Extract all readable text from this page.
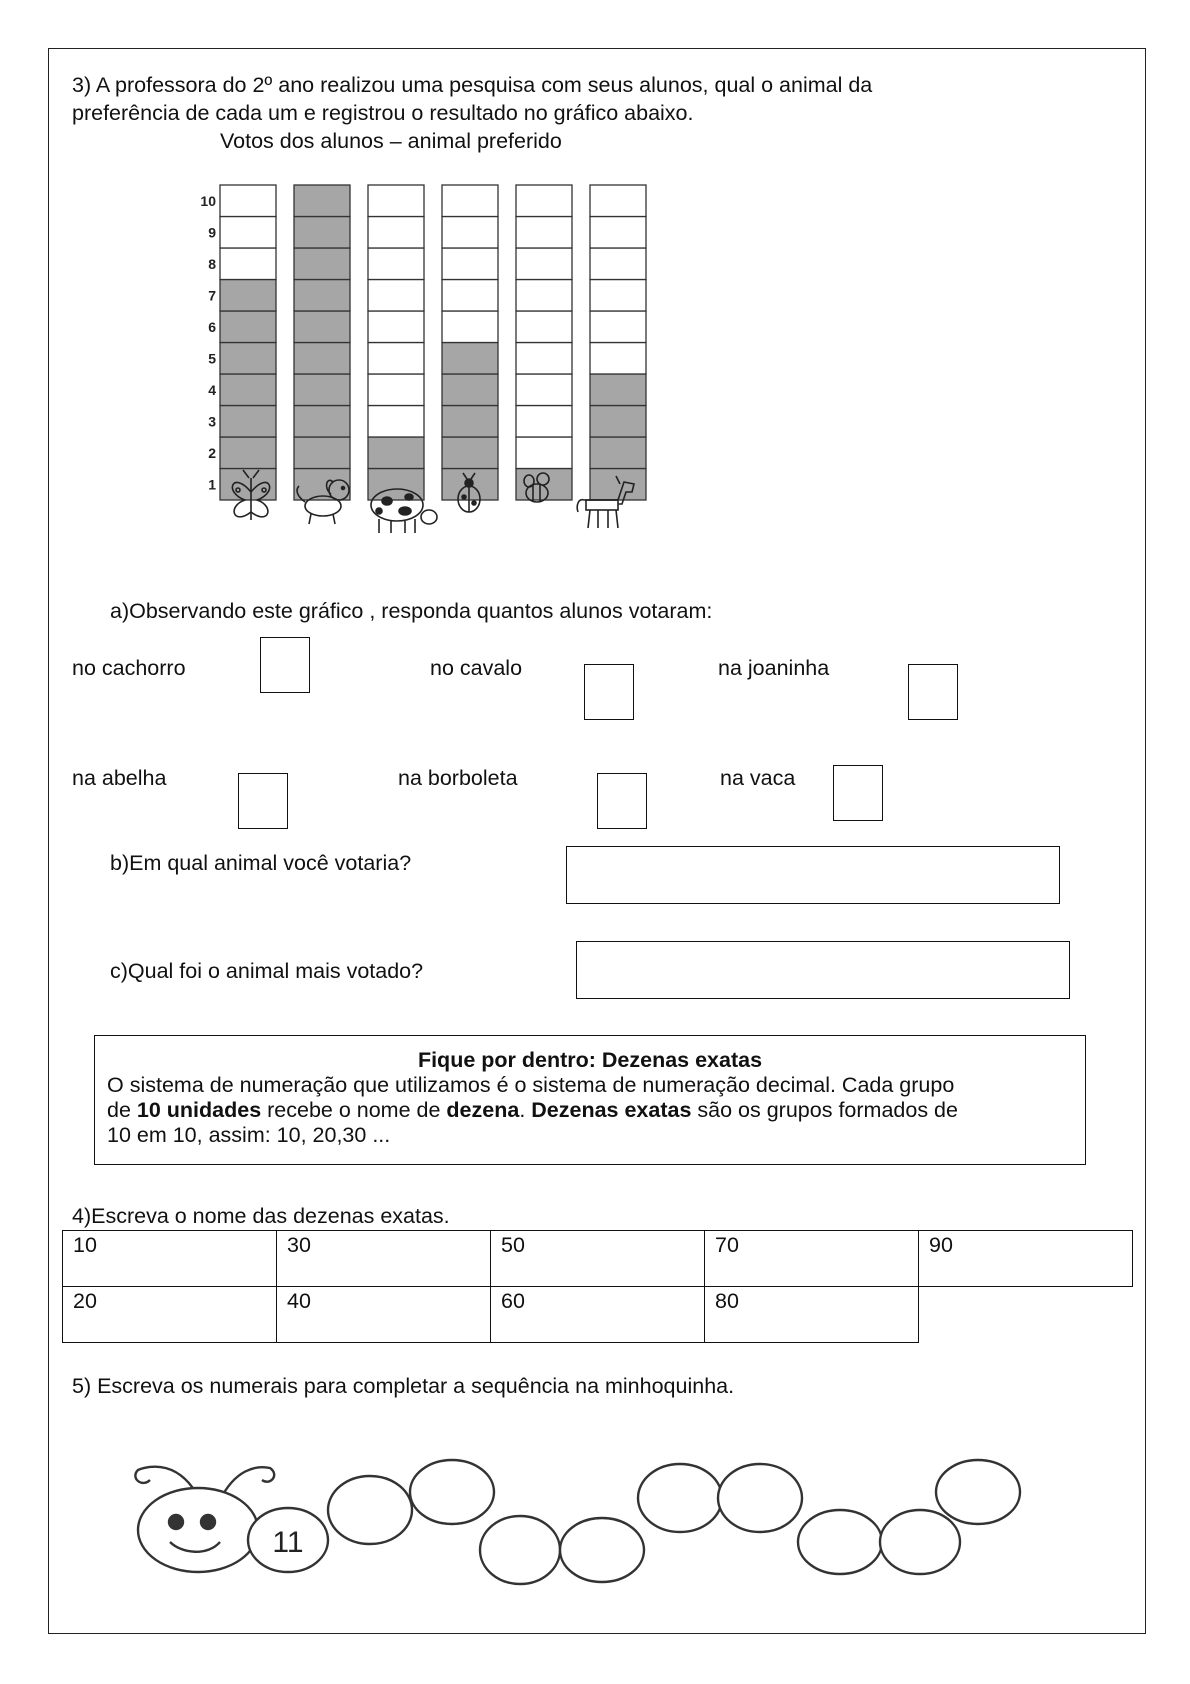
3) A professora do 2º ano realizou uma pesquisa com seus alunos, qual o animal da
preferência de cada um e registrou o resultado no gráfico abaixo.
Votos dos alunos – animal preferido
1
2
3
4
5
6
7
8
9
10
a)Observando este gráfico , responda quantos alunos votaram:
no cachorro	no cavalo	na joaninha
na abelha	na borboleta	na vaca
b)Em qual animal você votaria?
c)Qual foi o animal mais votado?
Fique por dentro: Dezenas exatas
O sistema de numeração que utilizamos é o sistema de numeração decimal. Cada grupo
de 10 unidades recebe o nome de dezena. Dezenas exatas são os grupos formados de
10 em 10, assim: 10, 20,30 ...
4)Escreva o nome das dezenas exatas.
10	30	50	70	90
20	40	60	80	
5) Escreva os numerais para completar a sequência na minhoquinha.
11
